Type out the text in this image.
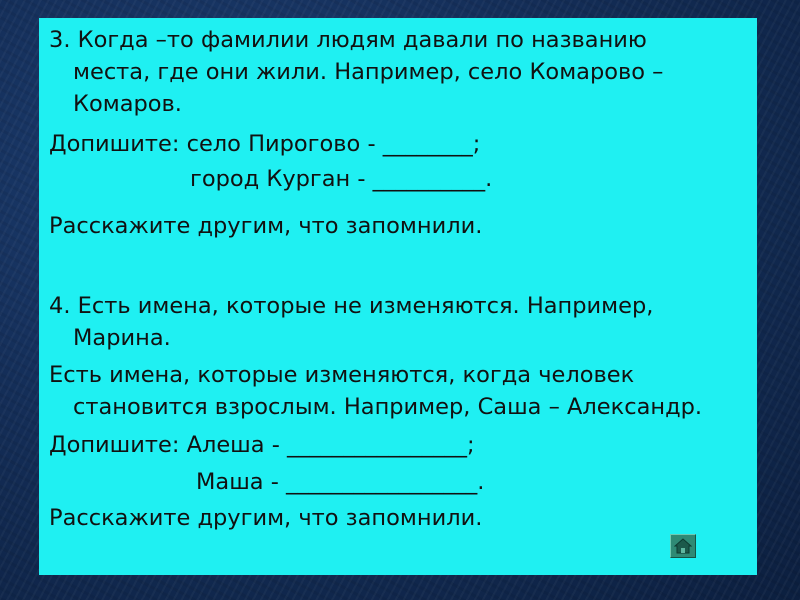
3. Когда –то фамилии людям давали по названию

места, где они жили. Например, село Комарово –

Комаров.

Допишите: село Пирогово - ________;

город Курган - __________.

Расскажите другим, что запомнили.

4. Есть имена, которые не изменяются. Например,

Марина.

Есть имена, которые изменяются, когда человек

становится взрослым. Например, Саша – Александр.

Допишите: Алеша - ________________;

Маша - _________________.

Расскажите другим, что запомнили.
